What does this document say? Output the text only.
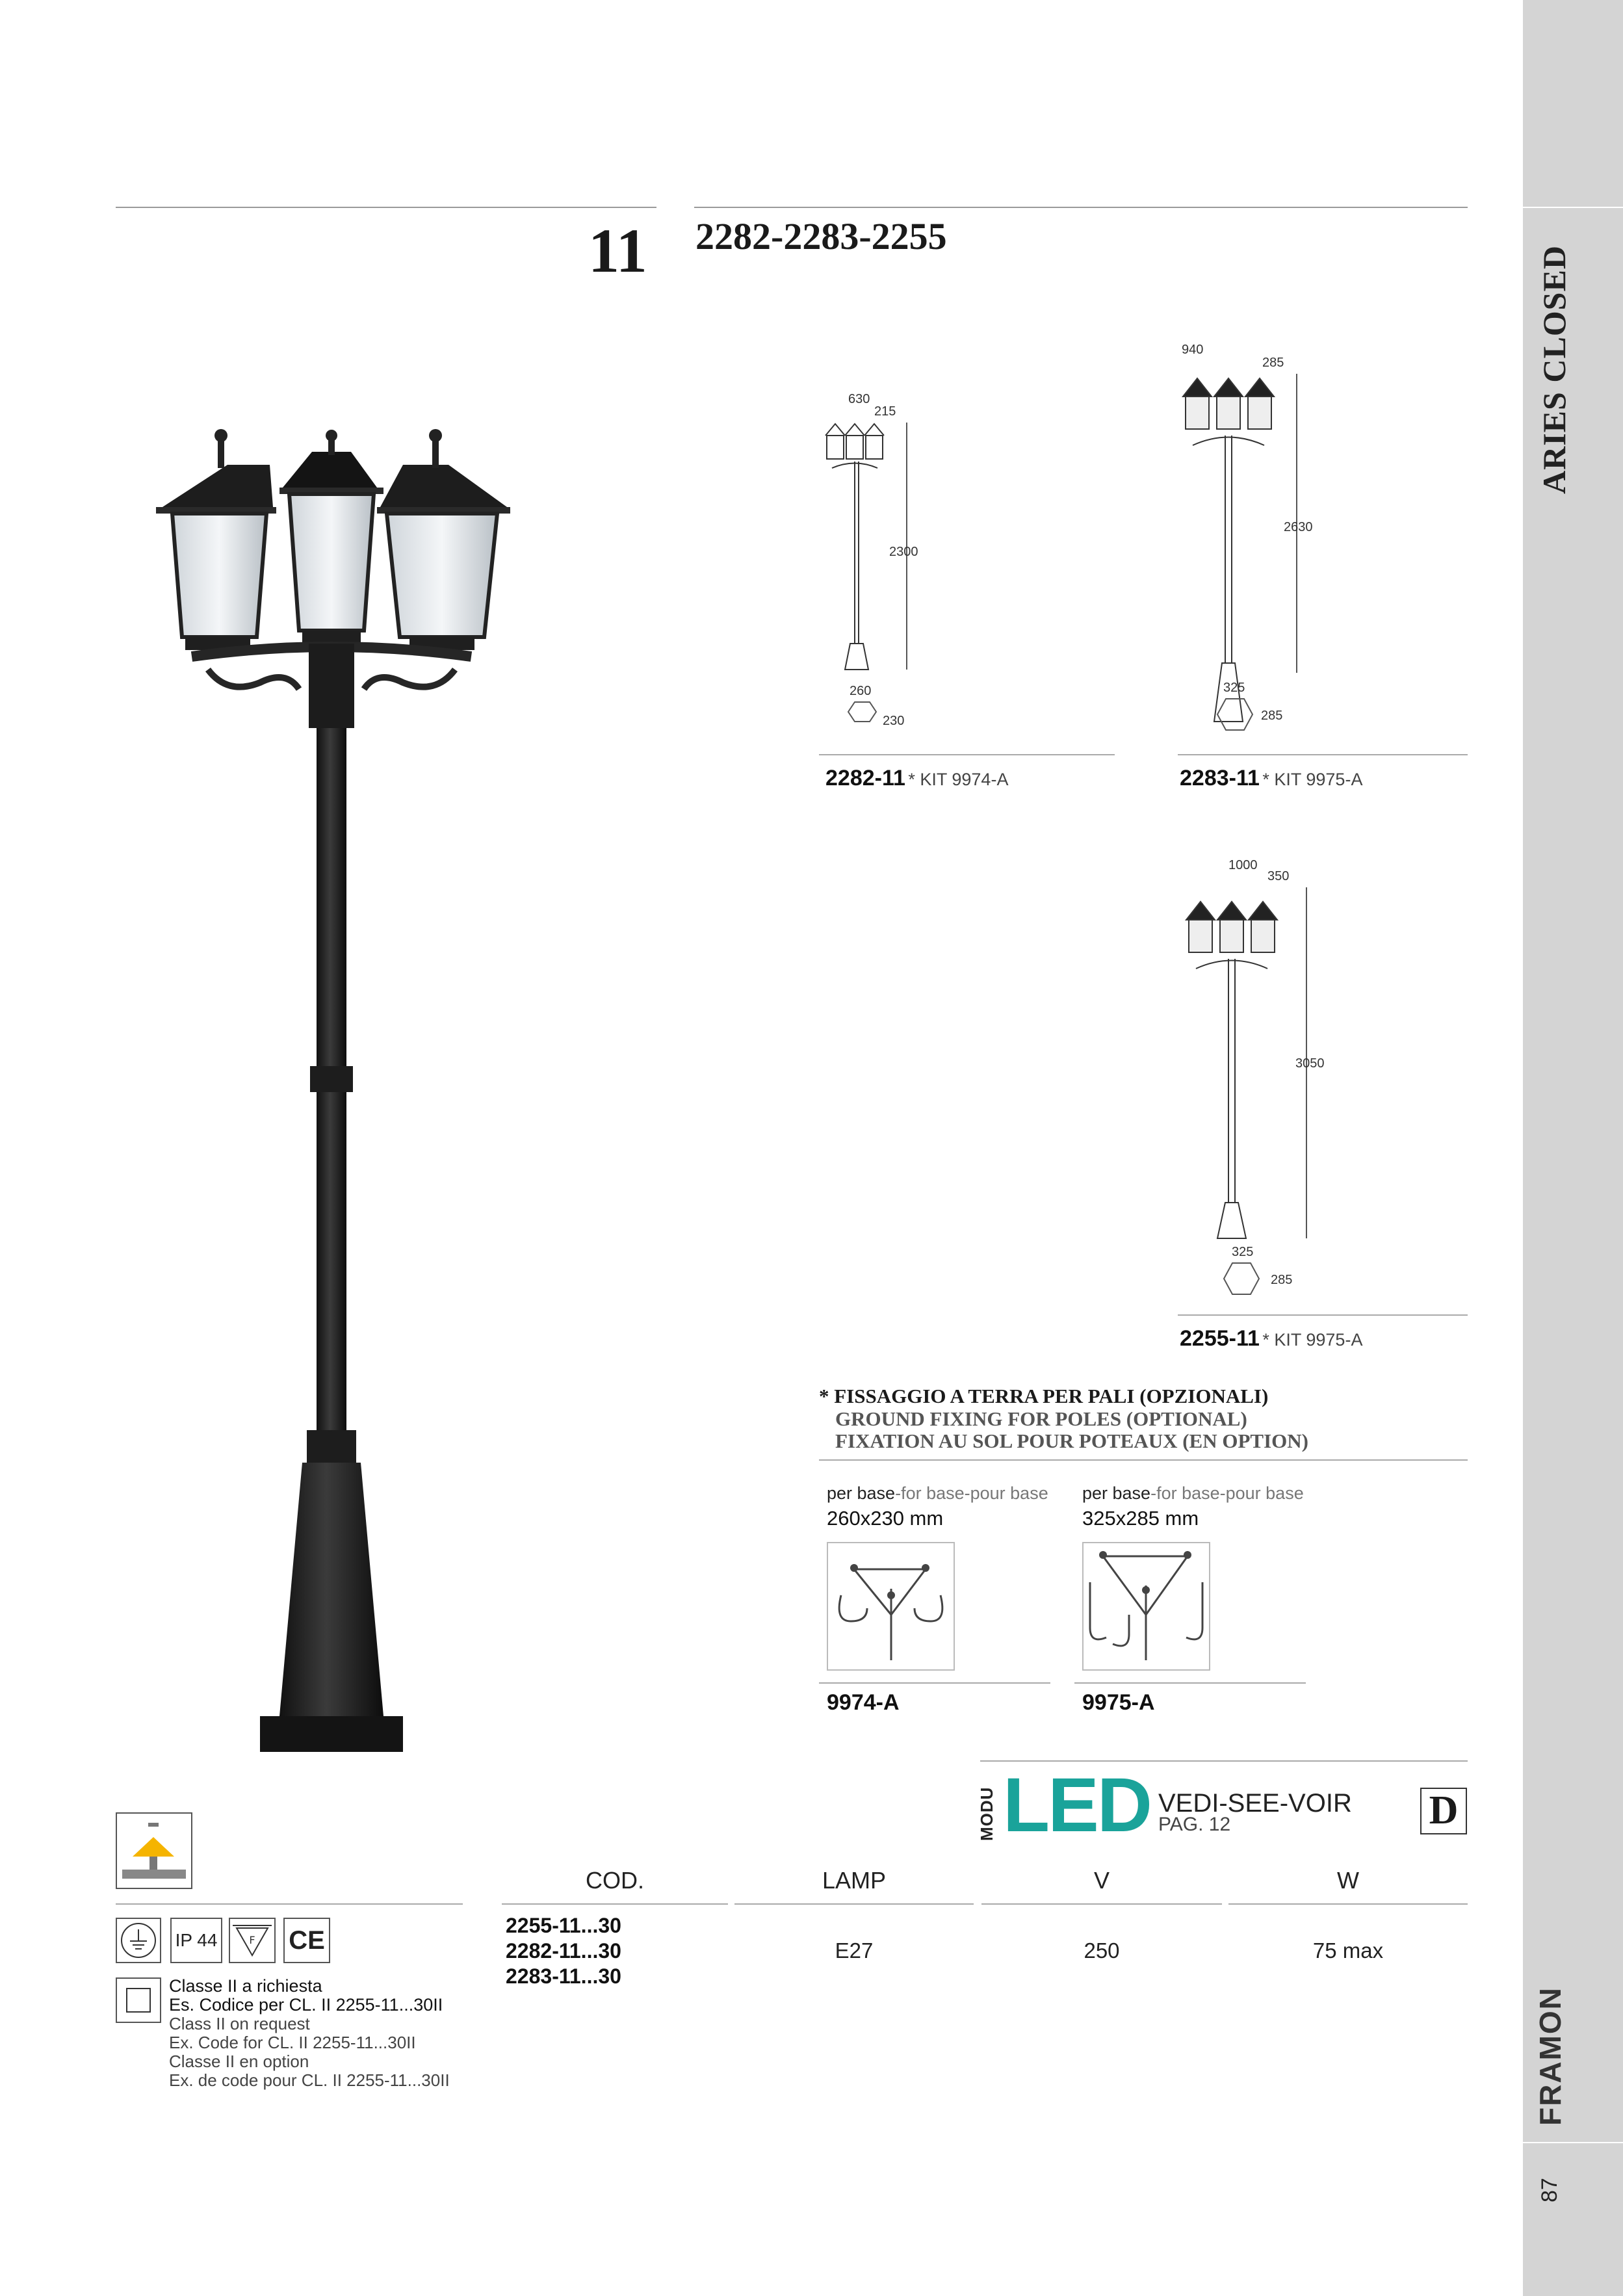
ARIES CLOSED
FRAMON
87
11 2282-2283-2255
630
215
2300
260
230
2282-11 * KIT 9974-A
940
285
2630
325
285
2283-11 * KIT 9975-A
1000
350
3050
325
285
2255-11 * KIT 9975-A
* FISSAGGIO A TERRA PER PALI (OPZIONALI)
GROUND FIXING FOR POLES (OPTIONAL)
FIXATION AU SOL POUR POTEAUX (EN OPTION)
per base-for base-pour base
260x230 mm
9974-A
per base-for base-pour base
325x285 mm
9975-A
MODU LED VEDI-SEE-VOIR
PAG. 12	D
COD.	LAMP	V	W
2255-11...30
2282-11...30
2283-11...30
E27	250	75 max
IP 44	F CE
Classe II a richiesta
Es. Codice per CL. II 2255-11...30II
Class II on request
Ex. Code for CL. II 2255-11...30II
Classe II en option
Ex. de code pour CL. II 2255-11...30II
